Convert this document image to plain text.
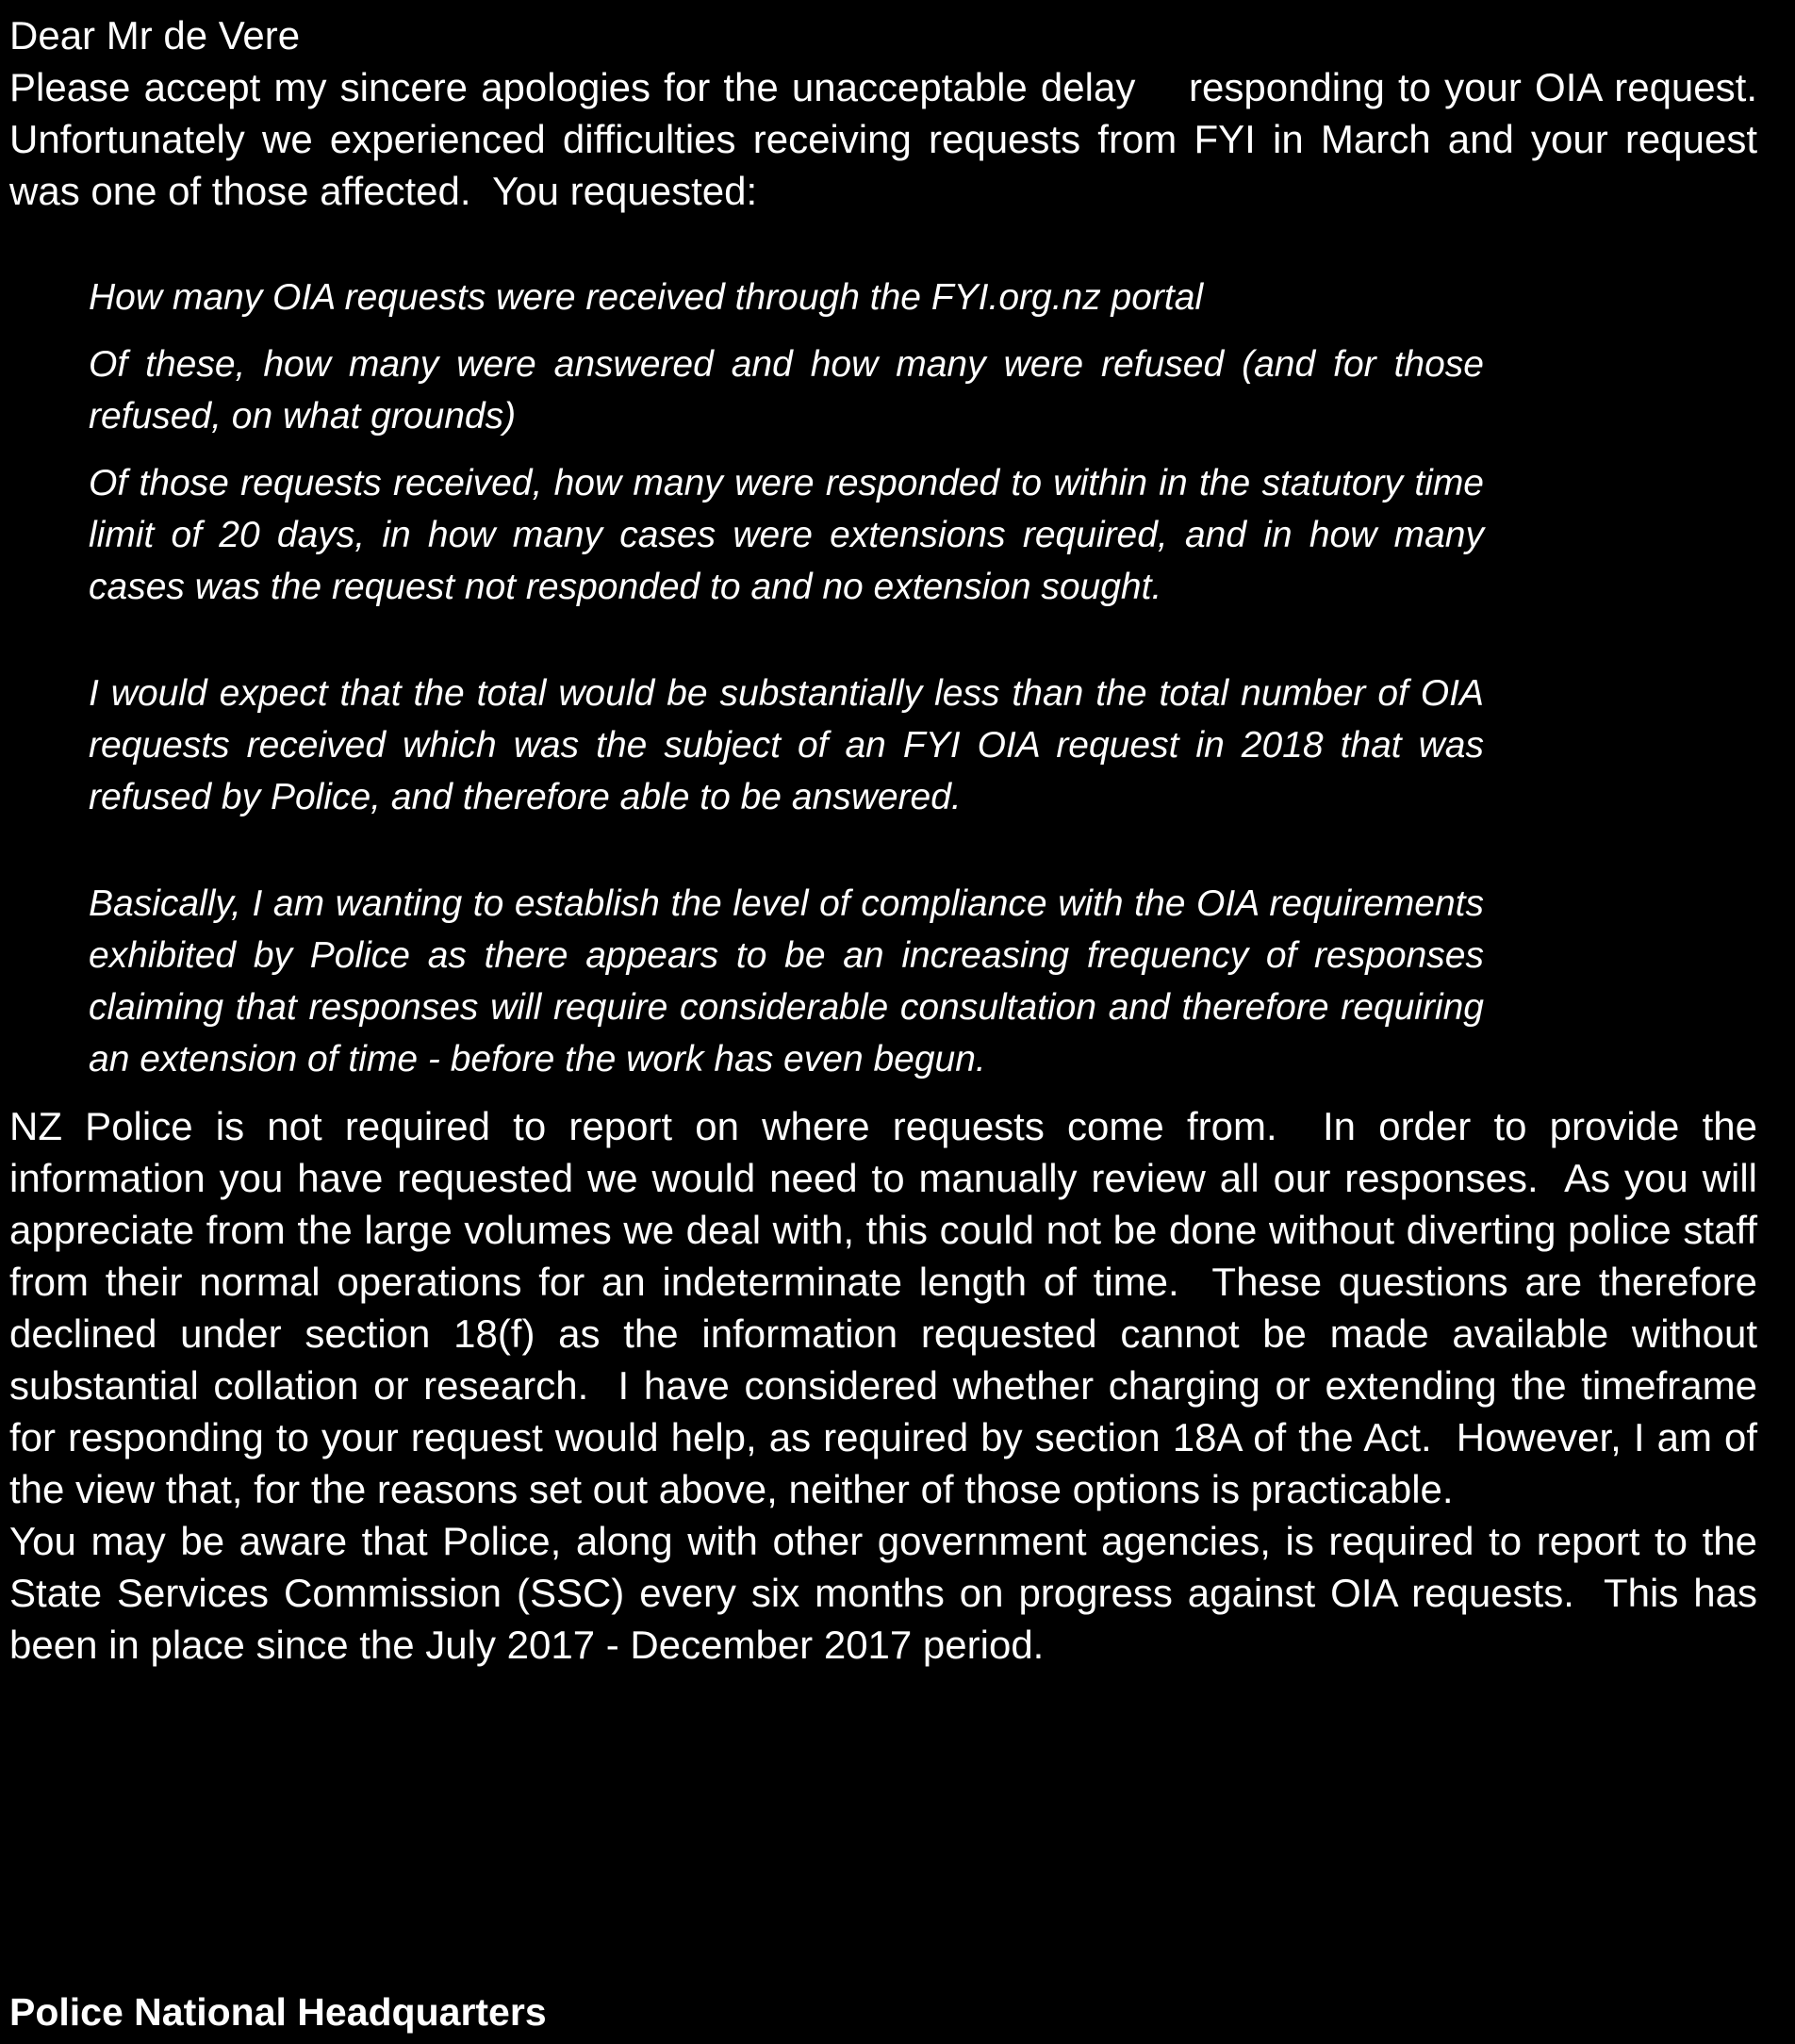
Dear Mr de Vere

Please accept my sincere apologies for the unacceptable delay    responding to your OIA request. Unfortunately we experienced difficulties receiving requests from FYI in March and your request was one of those affected.  You requested:

How many OIA requests were received through the FYI.org.nz portal

Of these, how many were answered and how many were refused (and for those refused, on what grounds)

Of those requests received, how many were responded to within in the statutory time limit of 20 days, in how many cases were extensions required, and in how many cases was the request not responded to and no extension sought.

I would expect that the total would be substantially less than the total number of OIA requests received which was the subject of an FYI OIA request in 2018 that was refused by Police, and therefore able to be answered.

Basically, I am wanting to establish the level of compliance with the OIA requirements exhibited by Police as there appears to be an increasing frequency of responses claiming that responses will require considerable consultation and therefore requiring an extension of time - before the work has even begun.

NZ Police is not required to report on where requests come from.  In order to provide the information you have requested we would need to manually review all our responses.  As you will appreciate from the large volumes we deal with, this could not be done without diverting police staff from their normal operations for an indeterminate length of time.  These questions are therefore declined under section 18(f) as the information requested cannot be made available without substantial collation or research.  I have considered whether charging or extending the timeframe for responding to your request would help, as required by section 18A of the Act.  However, I am of the view that, for the reasons set out above, neither of those options is practicable.

You may be aware that Police, along with other government agencies, is required to report to the State Services Commission (SSC) every six months on progress against OIA requests.  This has been in place since the July 2017 - December 2017 period.

Police National Headquarters
